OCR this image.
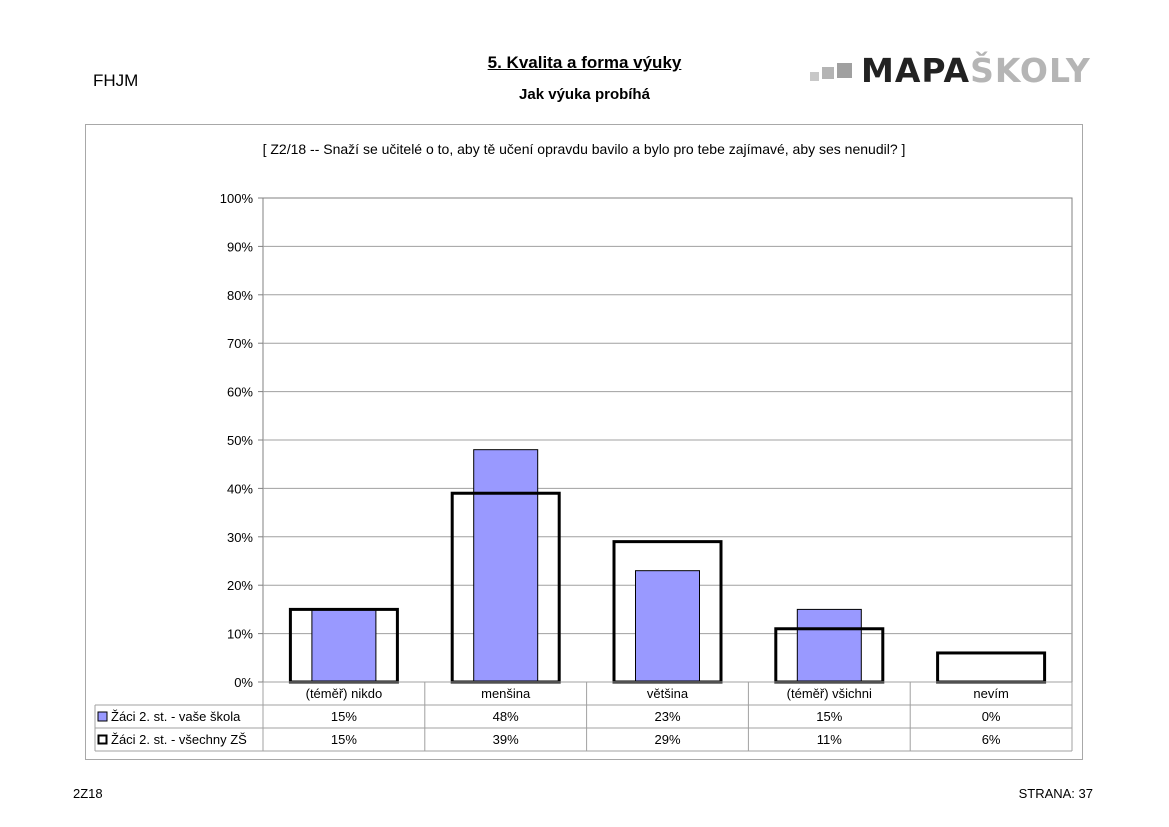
FHJM
5. Kvalita a forma výuky
Jak výuka probíhá
MAPAŠKOLY
[ Z2/18 -- Snaží se učitelé o to, aby tě učení opravdu bavilo a bylo pro tebe zajímavé, aby ses nenudil? ]
0%
10%
20%
30%
40%
50%
60%
70%
80%
90%
100%
(téměř) nikdo
15%
15%
menšina
48%
39%
většina
23%
29%
(téměř) všichni
15%
11%
nevím
0%
6%
Žáci 2. st. - vaše škola
Žáci 2. st. - všechny ZŠ
2Z18	STRANA: 37
